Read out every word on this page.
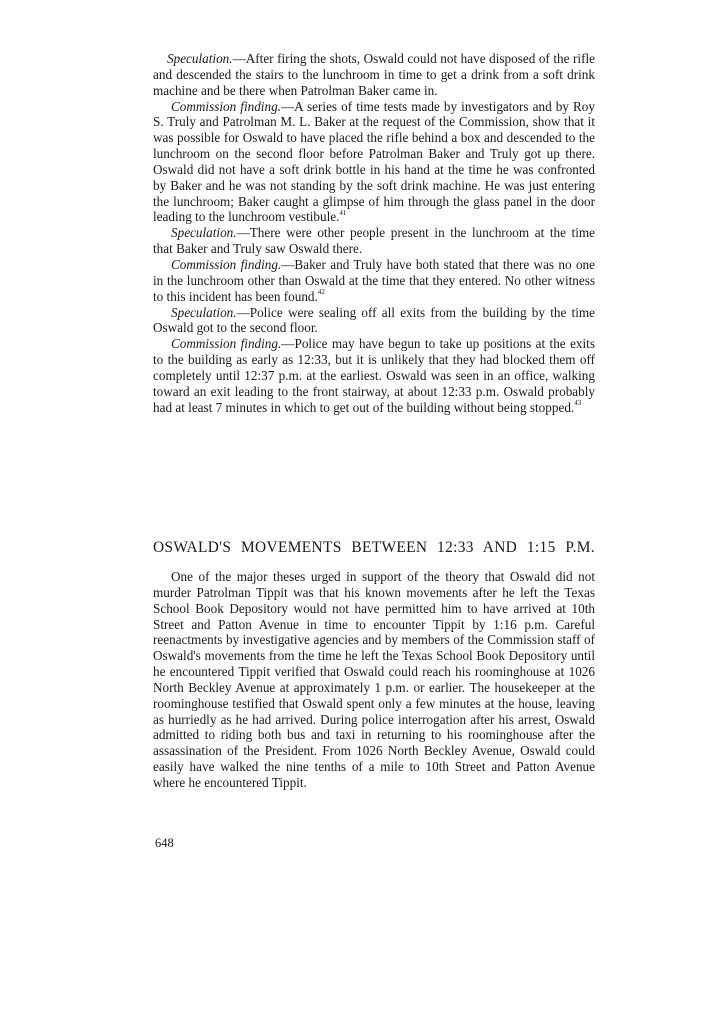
Speculation.—After firing the shots, Oswald could not have disposed of the rifle and descended the stairs to the lunchroom in time to get a drink from a soft drink machine and be there when Patrolman Baker came in.

Commission finding.—A series of time tests made by investigators and by Roy S. Truly and Patrolman M. L. Baker at the request of the Commission, show that it was possible for Oswald to have placed the rifle behind a box and descended to the lunchroom on the second floor before Patrolman Baker and Truly got up there. Oswald did not have a soft drink bottle in his hand at the time he was confronted by Baker and he was not standing by the soft drink machine. He was just entering the lunchroom; Baker caught a glimpse of him through the glass panel in the door leading to the lunchroom vestibule.$^{41}$

Speculation.—There were other people present in the lunchroom at the time that Baker and Truly saw Oswald there.

Commission finding.—Baker and Truly have both stated that there was no one in the lunchroom other than Oswald at the time that they entered. No other witness to this incident has been found.$^{42}$

Speculation.—Police were sealing off all exits from the building by the time Oswald got to the second floor.

Commission finding.—Police may have begun to take up positions at the exits to the building as early as 12:33, but it is unlikely that they had blocked them off completely until 12:37 p.m. at the earliest. Oswald was seen in an office, walking toward an exit leading to the front stairway, at about 12:33 p.m. Oswald probably had at least 7 minutes in which to get out of the building without being stopped.$^{43}$

OSWALD'S MOVEMENTS BETWEEN 12:33 AND 1:15 P.M.

One of the major theses urged in support of the theory that Oswald did not murder Patrolman Tippit was that his known movements after he left the Texas School Book Depository would not have permitted him to have arrived at 10th Street and Patton Avenue in time to encounter Tippit by 1:16 p.m. Careful reenactments by investigative agencies and by members of the Commission staff of Oswald's movements from the time he left the Texas School Book Depository until he encountered Tippit verified that Oswald could reach his roominghouse at 1026 North Beckley Avenue at approximately 1 p.m. or earlier. The housekeeper at the roominghouse testified that Oswald spent only a few minutes at the house, leaving as hurriedly as he had arrived. During police interrogation after his arrest, Oswald admitted to riding both bus and taxi in returning to his roominghouse after the assassination of the President. From 1026 North Beckley Avenue, Oswald could easily have walked the nine tenths of a mile to 10th Street and Patton Avenue where he encountered Tippit.

648
